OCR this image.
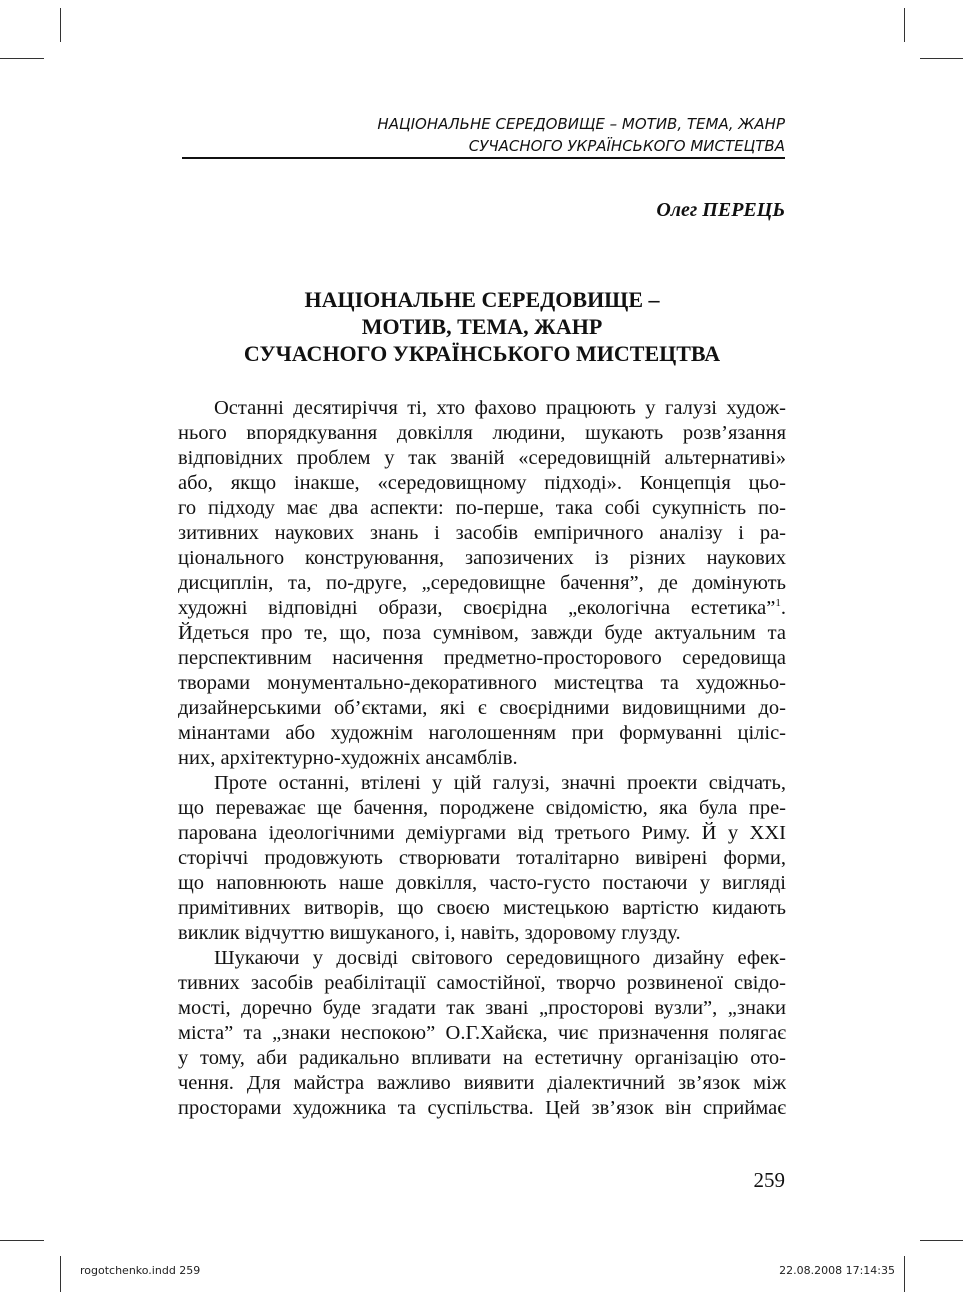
НАЦІОНАЛЬНЕ СЕРЕДОВИЩЕ – МОТИВ, ТЕМА, ЖАНР
СУЧАСНОГО УКРАЇНСЬКОГО МИСТЕЦТВА
Олег ПЕРЕЦЬ
НАЦІОНАЛЬНЕ СЕРЕДОВИЩЕ –
МОТИВ, ТЕМА, ЖАНР
СУЧАСНОГО УКРАЇНСЬКОГО МИСТЕЦТВА

Останні десятиріччя ті, хто фахово працюють у галузі худож-
нього впорядкування довкілля людини, шукають розв’язання
відповідних проблем у так званій «середовищній альтернативі»
або, якщо інакше, «середовищному підході». Концепція цьо-
го підходу має два аспекти: по-перше, така собі сукупність по-
зитивних наукових знань і засобів емпіричного аналізу і ра-
ціонального конструювання, запозичених із різних наукових
дисциплін, та, по-друге, „середовищне бачення”, де домінують
художні відповідні образи, своєрідна „екологічна естетика”$^1$.
Йдеться про те, що, поза сумнівом, завжди буде актуальним та
перспективним насичення предметно-просторового середовища
творами монументально-декоративного мистецтва та художньо-
дизайнерськими об’єктами, які є своєрідними видовищними до-
мінантами або художнім наголошенням при формуванні ціліс-
них, архітектурно-художніх ансамблів.

Проте останні, втілені у цій галузі, значні проекти свідчать,
що переважає ще бачення, породжене свідомістю, яка була пре-
парована ідеологічними деміургами від третього Риму. Й у ХХІ
сторіччі продовжують створювати тоталітарно вивірені форми,
що наповнюють наше довкілля, часто-густо постаючи у вигляді
примітивних витворів, що своєю мистецькою вартістю кидають
виклик відчуттю вишуканого, і, навіть, здоровому глузду.

Шукаючи у досвіді світового середовищного дизайну ефек-
тивних засобів реабілітації самостійної, творчо розвиненої свідо-
мості, доречно буде згадати так звані „просторові вузли”, „знаки
міста” та „знаки неспокою” О.Г.Хайєка, чиє призначення полягає
у тому, аби радикально впливати на естетичну організацію ото-
чення. Для майстра важливо виявити діалектичний зв’язок між
просторами художника та суспільства. Цей зв’язок він сприймає

259
rogotchenko.indd 259	22.08.2008 17:14:35
